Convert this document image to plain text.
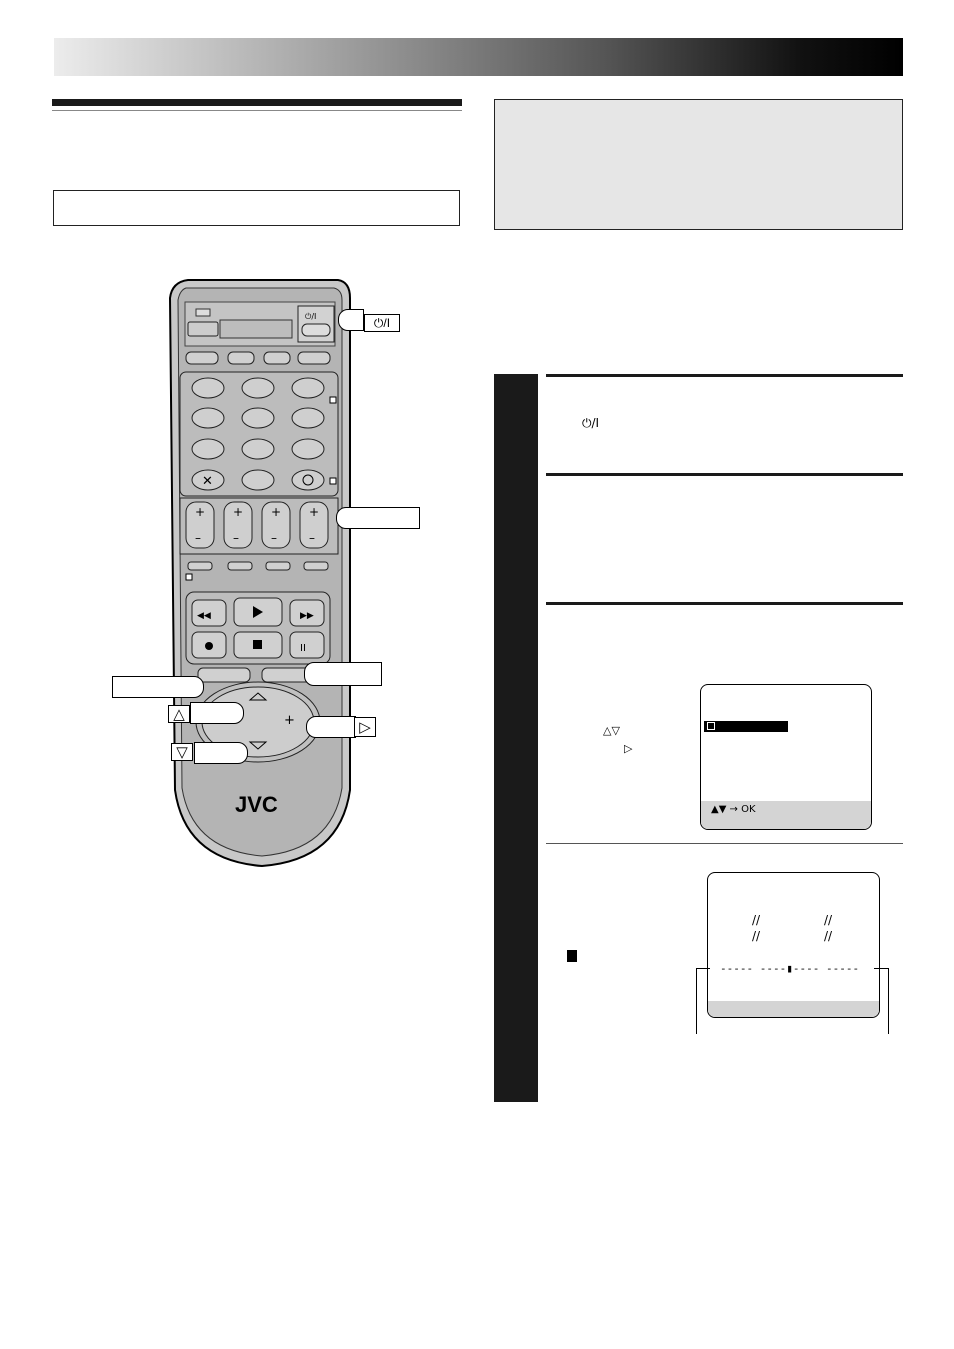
⏻/I
✕
+
–
+
–
+
–
+
–
II
◀◀	▶▶
+
JVC
⏻/I
△
▷
▽
⏻/I
△▽
▷
▲▼ → OK
//
//
//
//
----- ----▮---- -----
